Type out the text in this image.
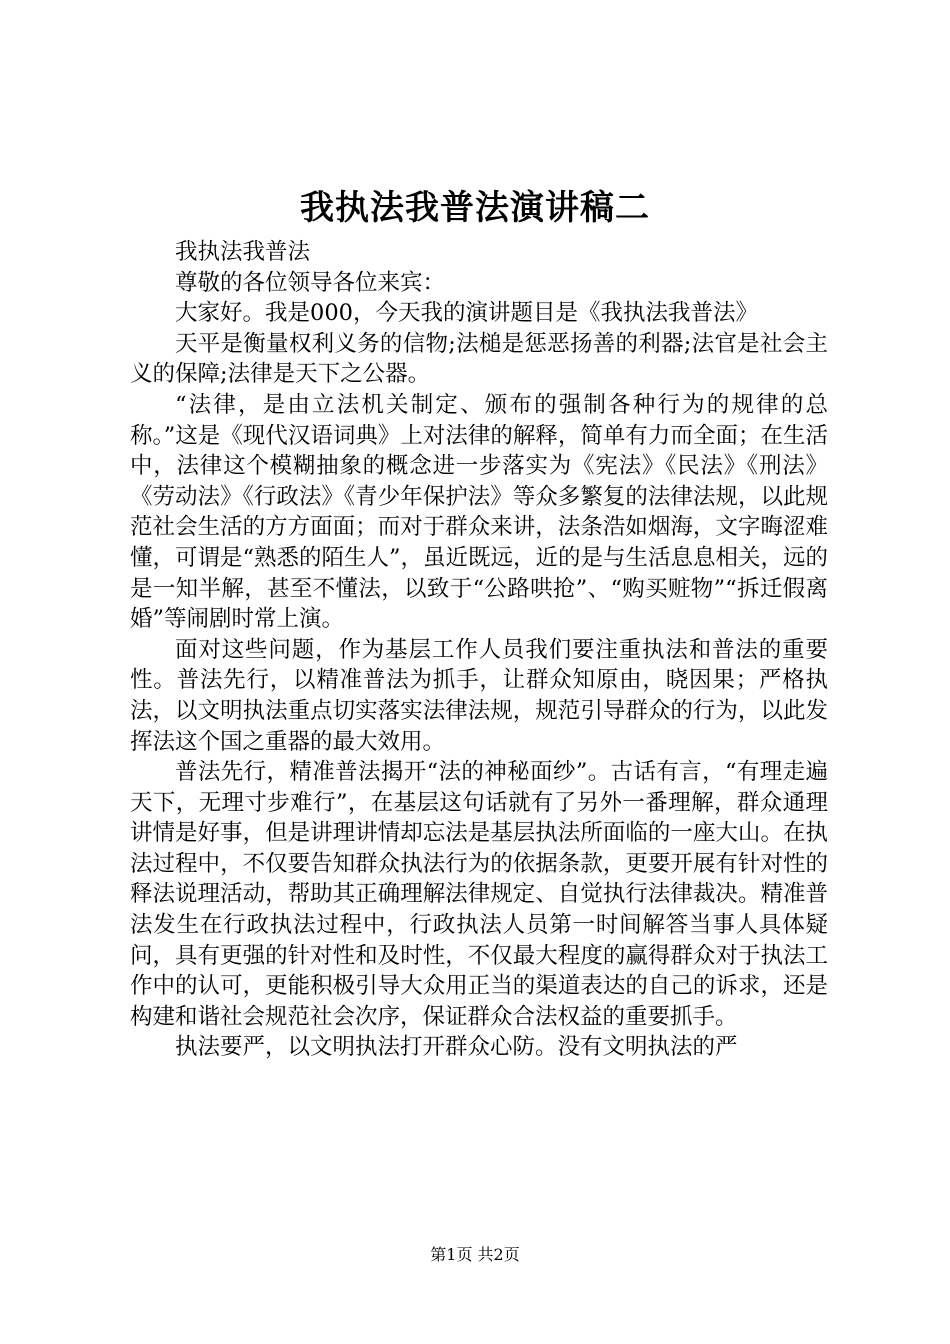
我执法我普法演讲稿二

我执法我普法

尊敬的各位领导各位来宾：

大家好。我是000，今天我的演讲题目是《我执法我普法》

天平是衡量权利义务的信物;法槌是惩恶扬善的利器;法官是社会主义的保障;法律是天下之公器。

“法律，是由立法机关制定、颁布的强制各种行为的规律的总称。”这是《现代汉语词典》上对法律的解释，简单有力而全面；在生活中，法律这个模糊抽象的概念进一步落实为《宪法》《民法》《刑法》《劳动法》《行政法》《青少年保护法》等众多繁复的法律法规，以此规范社会生活的方方面面；而对于群众来讲，法条浩如烟海，文字晦涩难懂，可谓是“熟悉的陌生人”，虽近既远，近的是与生活息息相关，远的是一知半解，甚至不懂法，以致于“公路哄抢”、“购买赃物”“拆迁假离婚”等闹剧时常上演。

面对这些问题，作为基层工作人员我们要注重执法和普法的重要性。普法先行，以精准普法为抓手，让群众知原由，晓因果；严格执法，以文明执法重点切实落实法律法规，规范引导群众的行为，以此发挥法这个国之重器的最大效用。

普法先行，精准普法揭开“法的神秘面纱”。古话有言，“有理走遍天下，无理寸步难行”，在基层这句话就有了另外一番理解，群众通理讲情是好事，但是讲理讲情却忘法是基层执法所面临的一座大山。在执法过程中，不仅要告知群众执法行为的依据条款，更要开展有针对性的释法说理活动，帮助其正确理解法律规定、自觉执行法律裁决。精准普法发生在行政执法过程中，行政执法人员第一时间解答当事人具体疑问，具有更强的针对性和及时性，不仅最大程度的赢得群众对于执法工作中的认可，更能积极引导大众用正当的渠道表达的自己的诉求，还是构建和谐社会规范社会次序，保证群众合法权益的重要抓手。

执法要严，以文明执法打开群众心防。没有文明执法的严

第1页 共2页
